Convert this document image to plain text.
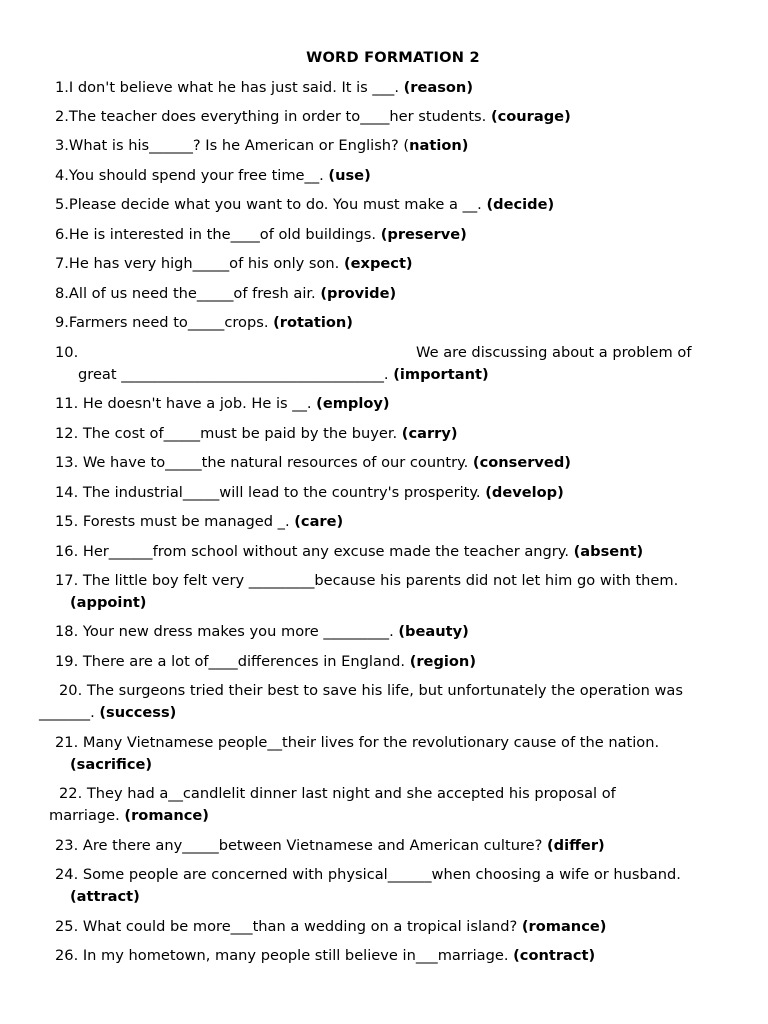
WORD FORMATION 2
1.I don't believe what he has just said. It is ___. (reason)
2.The teacher does everything in order to____her students. (courage)
3.What is his______? Is he American or English? (nation)
4.You should spend your free time__. (use)
5.Please decide what you want to do. You must make a __. (decide)
6.He is interested in the____of old buildings. (preserve)
7.He has very high_____of his only son. (expect)
8.All of us need the_____of fresh air. (provide)
9.Farmers need to_____crops. (rotation)
10.	We are discussing about a problem of
great ____________________________________. (important)
11. He doesn't have a job. He is __. (employ)
12. The cost of_____must be paid by the buyer. (carry)
13. We have to_____the natural resources of our country. (conserved)
14. The industrial_____will lead to the country's prosperity. (develop)
15. Forests must be managed _. (care)
16. Her______from school without any excuse made the teacher angry. (absent)
17. The little boy felt very _________because his parents did not let him go with them.
(appoint)
18. Your new dress makes you more _________. (beauty)
19. There are a lot of____differences in England. (region)
20. The surgeons tried their best to save his life, but unfortunately the operation was
_______. (success)
21. Many Vietnamese people__their lives for the revolutionary cause of the nation.
(sacrifice)
22. They had a__candlelit dinner last night and she accepted his proposal of
marriage. (romance)
23. Are there any_____between Vietnamese and American culture? (differ)
24. Some people are concerned with physical______when choosing a wife or husband.
(attract)
25. What could be more___than a wedding on a tropical island? (romance)
26. In my hometown, many people still believe in___marriage. (contract)
